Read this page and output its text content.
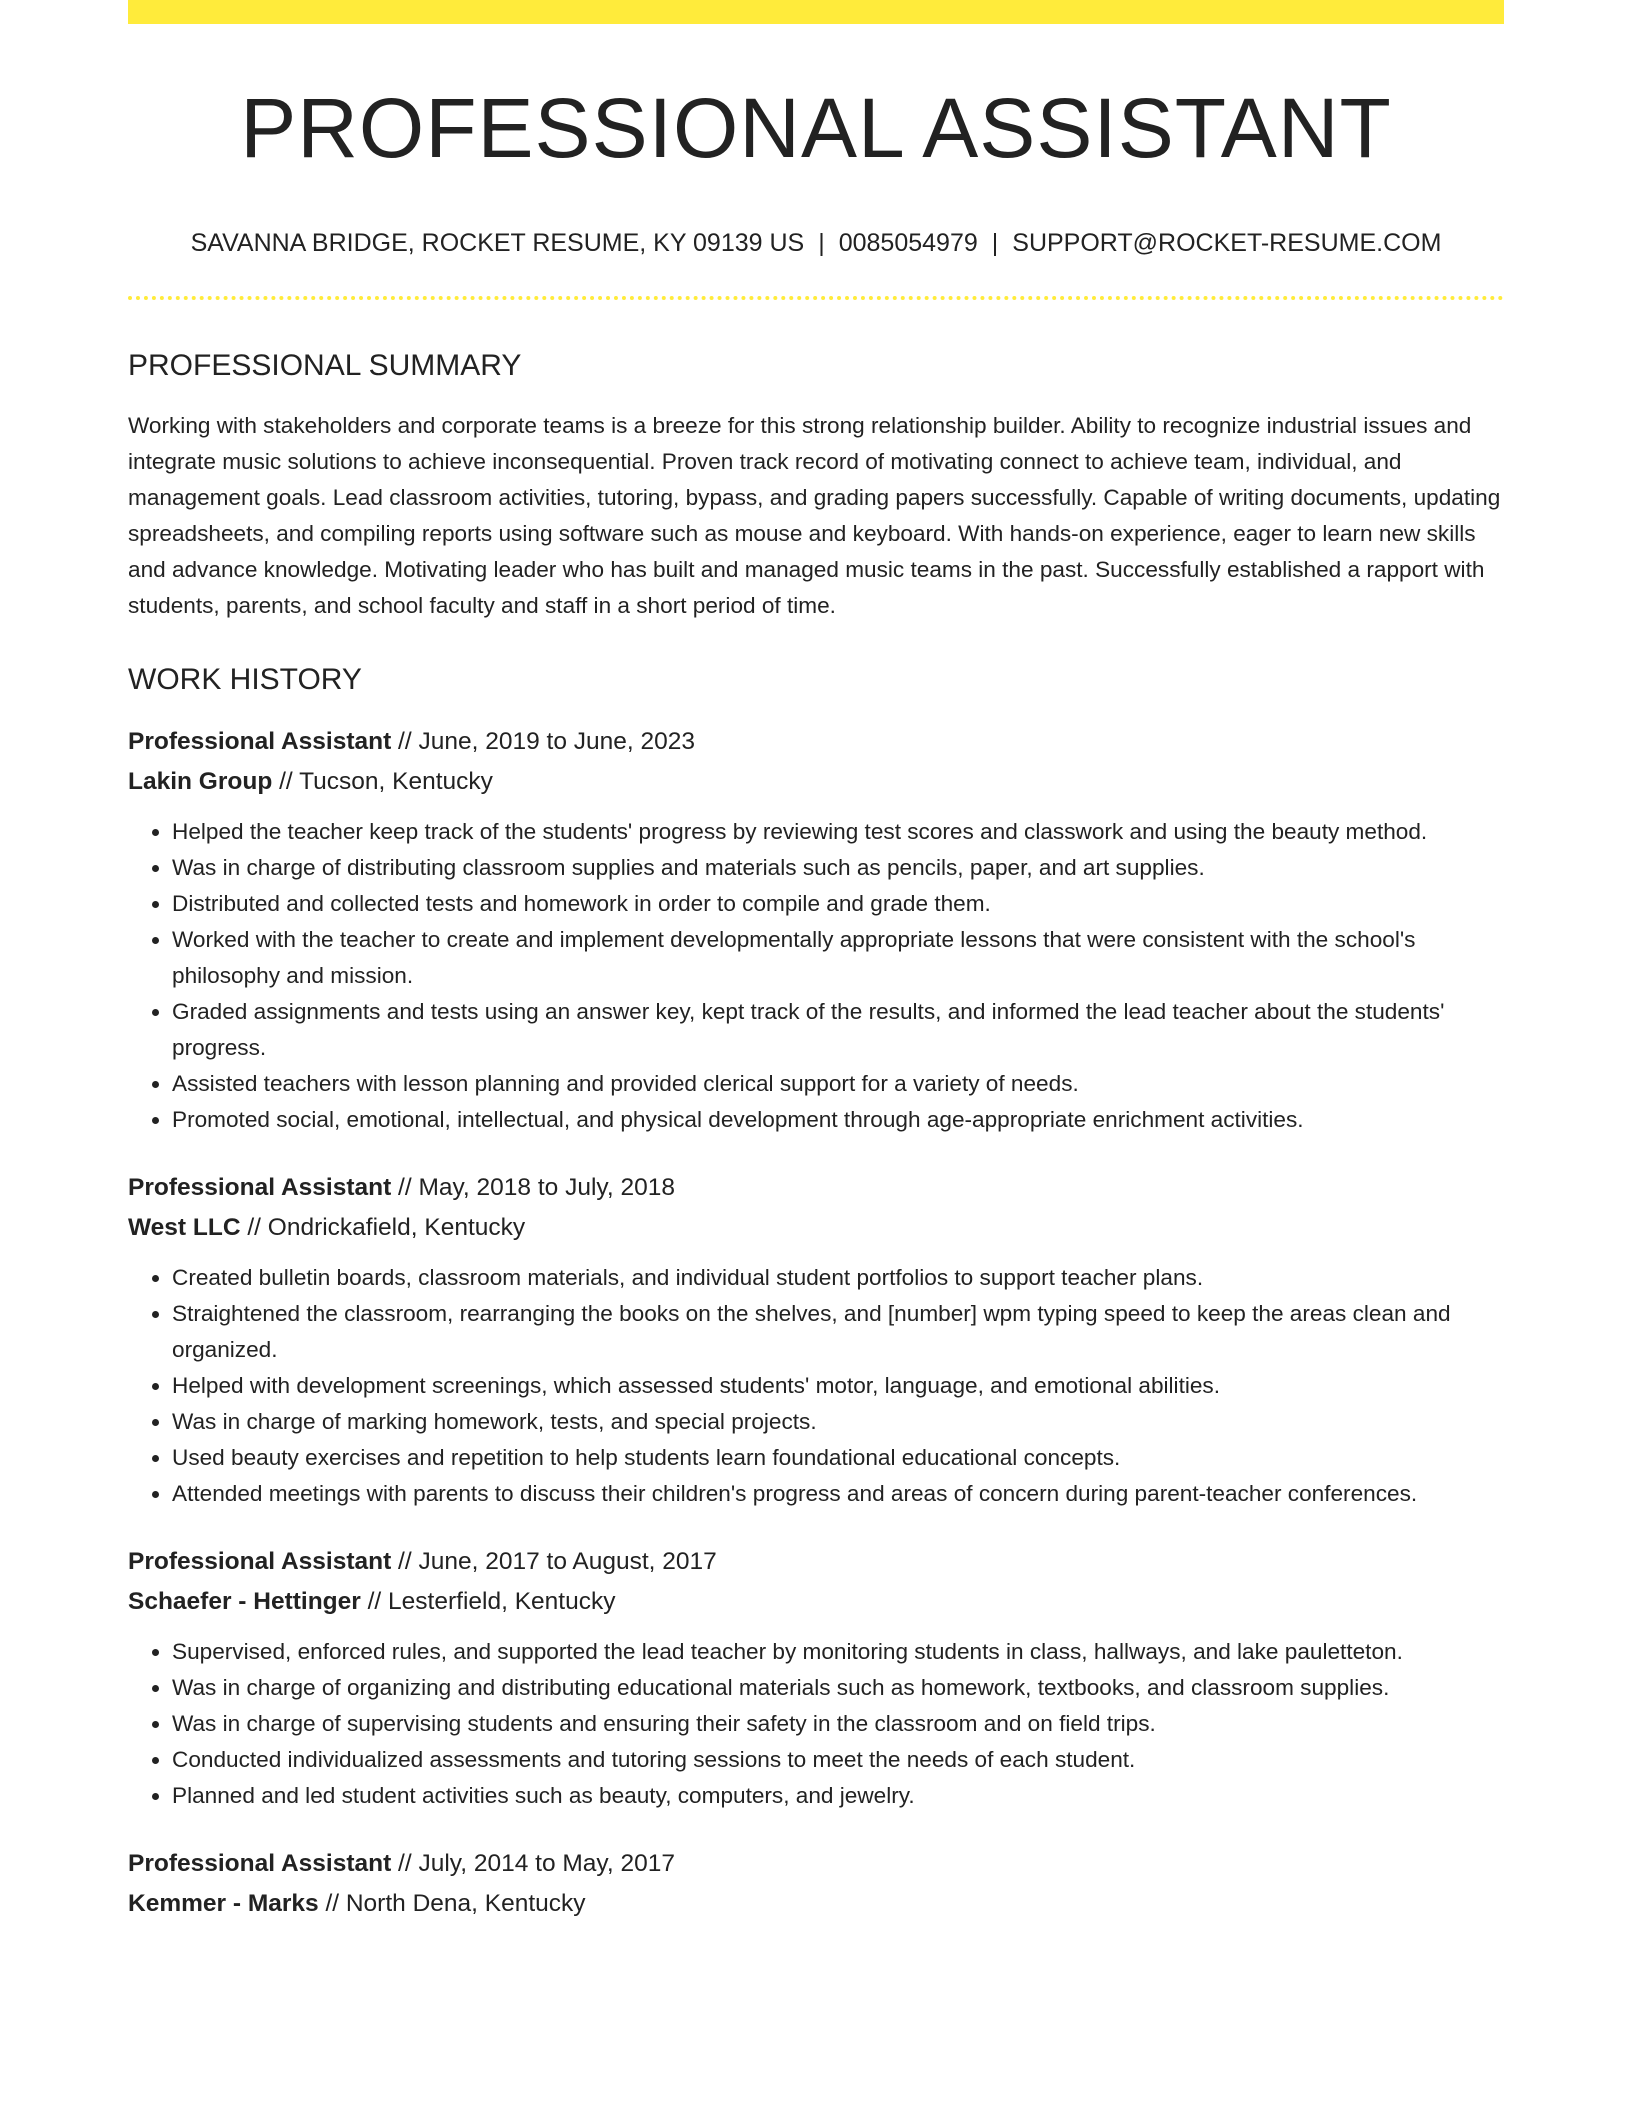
PROFESSIONAL ASSISTANT
SAVANNA BRIDGE, ROCKET RESUME, KY 09139 US | 0085054979 | SUPPORT@ROCKET-RESUME.COM
PROFESSIONAL SUMMARY

Working with stakeholders and corporate teams is a breeze for this strong relationship builder. Ability to recognize industrial issues and integrate music solutions to achieve inconsequential. Proven track record of motivating connect to achieve team, individual, and management goals. Lead classroom activities, tutoring, bypass, and grading papers successfully. Capable of writing documents, updating spreadsheets, and compiling reports using software such as mouse and keyboard. With hands-on experience, eager to learn new skills and advance knowledge. Motivating leader who has built and managed music teams in the past. Successfully established a rapport with students, parents, and school faculty and staff in a short period of time.

WORK HISTORY
Professional Assistant // June, 2019 to June, 2023
Lakin Group // Tucson, Kentucky
• Helped the teacher keep track of the students' progress by reviewing test scores and classwork and using the beauty method.
• Was in charge of distributing classroom supplies and materials such as pencils, paper, and art supplies.
• Distributed and collected tests and homework in order to compile and grade them.
• Worked with the teacher to create and implement developmentally appropriate lessons that were consistent with the school's philosophy and mission.
• Graded assignments and tests using an answer key, kept track of the results, and informed the lead teacher about the students' progress.
• Assisted teachers with lesson planning and provided clerical support for a variety of needs.
• Promoted social, emotional, intellectual, and physical development through age-appropriate enrichment activities.
Professional Assistant // May, 2018 to July, 2018
West LLC // Ondrickafield, Kentucky
• Created bulletin boards, classroom materials, and individual student portfolios to support teacher plans.
• Straightened the classroom, rearranging the books on the shelves, and [number] wpm typing speed to keep the areas clean and organized.
• Helped with development screenings, which assessed students' motor, language, and emotional abilities.
• Was in charge of marking homework, tests, and special projects.
• Used beauty exercises and repetition to help students learn foundational educational concepts.
• Attended meetings with parents to discuss their children's progress and areas of concern during parent-teacher conferences.
Professional Assistant // June, 2017 to August, 2017
Schaefer - Hettinger // Lesterfield, Kentucky
• Supervised, enforced rules, and supported the lead teacher by monitoring students in class, hallways, and lake pauletteton.
• Was in charge of organizing and distributing educational materials such as homework, textbooks, and classroom supplies.
• Was in charge of supervising students and ensuring their safety in the classroom and on field trips.
• Conducted individualized assessments and tutoring sessions to meet the needs of each student.
• Planned and led student activities such as beauty, computers, and jewelry.
Professional Assistant // July, 2014 to May, 2017
Kemmer - Marks // North Dena, Kentucky
